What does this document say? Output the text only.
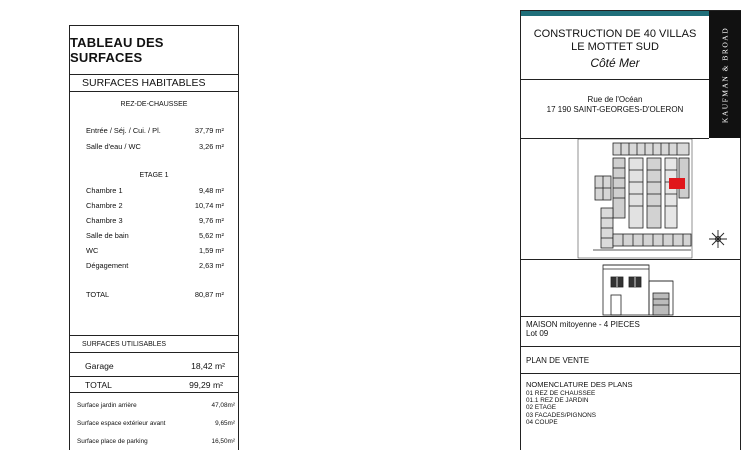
TABLEAU DES SURFACES
SURFACES HABITABLES
REZ-DE-CHAUSSEE
Entrée / Séj. / Cui. / Pl.	37,79 m²
Salle d'eau / WC	3,26 m²
ETAGE 1
Chambre 1	9,48 m²
Chambre 2	10,74 m²
Chambre 3	9,76 m²
Salle de bain	5,62 m²
WC	1,59 m²
Dégagement	2,63 m²
TOTAL	80,87 m²
SURFACES UTILISABLES
Garage	18,42 m²
TOTAL	99,29 m²
Surface jardin arrière	47,08m²
Surface espace extérieur avant	9,65m²
Surface place de parking	16,50m²
CONSTRUCTION DE 40 VILLAS
LE MOTTET SUD
Côté Mer	KAUFMAN & BROAD
Rue de l'Océan
17 190 SAINT-GEORGES-D'OLERON
MAISON mitoyenne - 4 PIECES
Lot 09
PLAN DE VENTE
NOMENCLATURE DES PLANS
01 REZ DE CHAUSSEE
01.1 REZ DE JARDIN
02 ETAGE
03 FACADES/PIGNONS
04 COUPE
